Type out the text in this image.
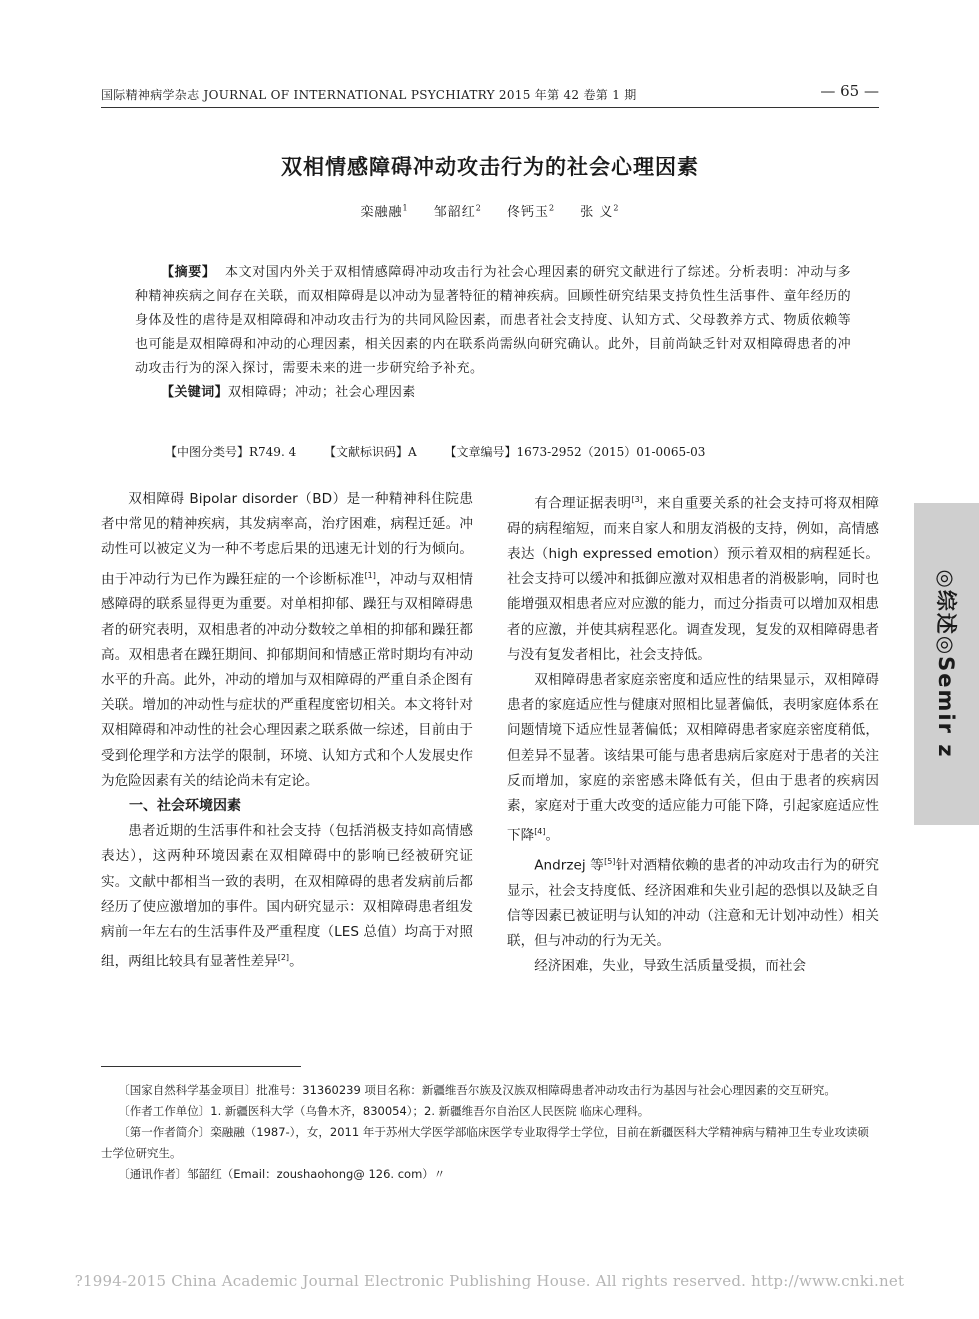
国际精神病学杂志 JOURNAL OF INTERNATIONAL PSYCHIATRY 2015 年第 42 卷第 1 期	— 65 —
双相情感障碍冲动攻击行为的社会心理因素
栾融融$^1$ 邹韶红$^2$ 佟钙玉$^2$ 张 义$^2$

【摘要】 本文对国内外关于双相情感障碍冲动攻击行为社会心理因素的研究文献进行了综述。分析表明：冲动与多种精神疾病之间存在关联，而双相障碍是以冲动为显著特征的精神疾病。回顾性研究结果支持负性生活事件、童年经历的身体及性的虐待是双相障碍和冲动攻击行为的共同风险因素，而患者社会支持度、认知方式、父母教养方式、物质依赖等也可能是双相障碍和冲动的心理因素，相关因素的内在联系尚需纵向研究确认。此外，目前尚缺乏针对双相障碍患者的冲动攻击行为的深入探讨，需要未来的进一步研究给予补充。

【关键词】双相障碍；冲动；社会心理因素

【中图分类号】R749. 4 【文献标识码】A 【文章编号】1673-2952（2015）01-0065-03

双相障碍 Bipolar disorder（BD）是一种精神科住院患者中常见的精神疾病，其发病率高，治疗困难，病程迁延。冲动性可以被定义为一种不考虑后果的迅速无计划的行为倾向。由于冲动行为已作为躁狂症的一个诊断标准[1]，冲动与双相情感障碍的联系显得更为重要。对单相抑郁、躁狂与双相障碍患者的研究表明，双相患者的冲动分数较之单相的抑郁和躁狂都高。双相患者在躁狂期间、抑郁期间和情感正常时期均有冲动水平的升高。此外，冲动的增加与双相障碍的严重自杀企图有关联。增加的冲动性与症状的严重程度密切相关。本文将针对双相障碍和冲动性的社会心理因素之联系做一综述，目前由于受到伦理学和方法学的限制，环境、认知方式和个人发展史作为危险因素有关的结论尚未有定论。

一、社会环境因素

患者近期的生活事件和社会支持（包括消极支持如高情感表达），这两种环境因素在双相障碍中的影响已经被研究证实。文献中都相当一致的表明，在双相障碍的患者发病前后都经历了使应激增加的事件。国内研究显示：双相障碍患者组发病前一年左右的生活事件及严重程度（LES 总值）均高于对照组，两组比较具有显著性差异[2]。

有合理证据表明[3]，来自重要关系的社会支持可将双相障碍的病程缩短，而来自家人和朋友消极的支持，例如，高情感表达（high expressed emotion）预示着双相的病程延长。社会支持可以缓冲和抵御应激对双相患者的消极影响，同时也能增强双相患者应对应激的能力，而过分指责可以增加双相患者的应激，并使其病程恶化。调查发现，复发的双相障碍患者与没有复发者相比，社会支持低。

双相障碍患者家庭亲密度和适应性的结果显示，双相障碍患者的家庭适应性与健康对照相比显著偏低，表明家庭体系在问题情境下适应性显著偏低；双相障碍患者家庭亲密度稍低，但差异不显著。该结果可能与患者患病后家庭对于患者的关注反而增加，家庭的亲密感未降低有关，但由于患者的疾病因素，家庭对于重大改变的适应能力可能下降，引起家庭适应性下降[4]。

Andrzej 等[5]针对酒精依赖的患者的冲动攻击行为的研究显示，社会支持度低、经济困难和失业引起的恐惧以及缺乏自信等因素已被证明与认知的冲动（注意和无计划冲动性）相关联，但与冲动的行为无关。

经济困难，失业，导致生活质量受损，而社会

〔国家自然科学基金项目〕批准号：31360239 项目名称：新疆维吾尔族及汉族双相障碍患者冲动攻击行为基因与社会心理因素的交互研究。

〔作者工作单位〕1. 新疆医科大学（乌鲁木齐，830054）；2. 新疆维吾尔自治区人民医院 临床心理科。

〔第一作者简介〕栾融融（1987-），女，2011 年于苏州大学医学部临床医学专业取得学士学位，目前在新疆医科大学精神病与精神卫生专业攻读硕士学位研究生。

〔通讯作者〕邹韶红（Email：zoushaohong@ 126. com）〃

◎综述◎Semir z
?1994-2015 China Academic Journal Electronic Publishing House. All rights reserved. http://www.cnki.net
